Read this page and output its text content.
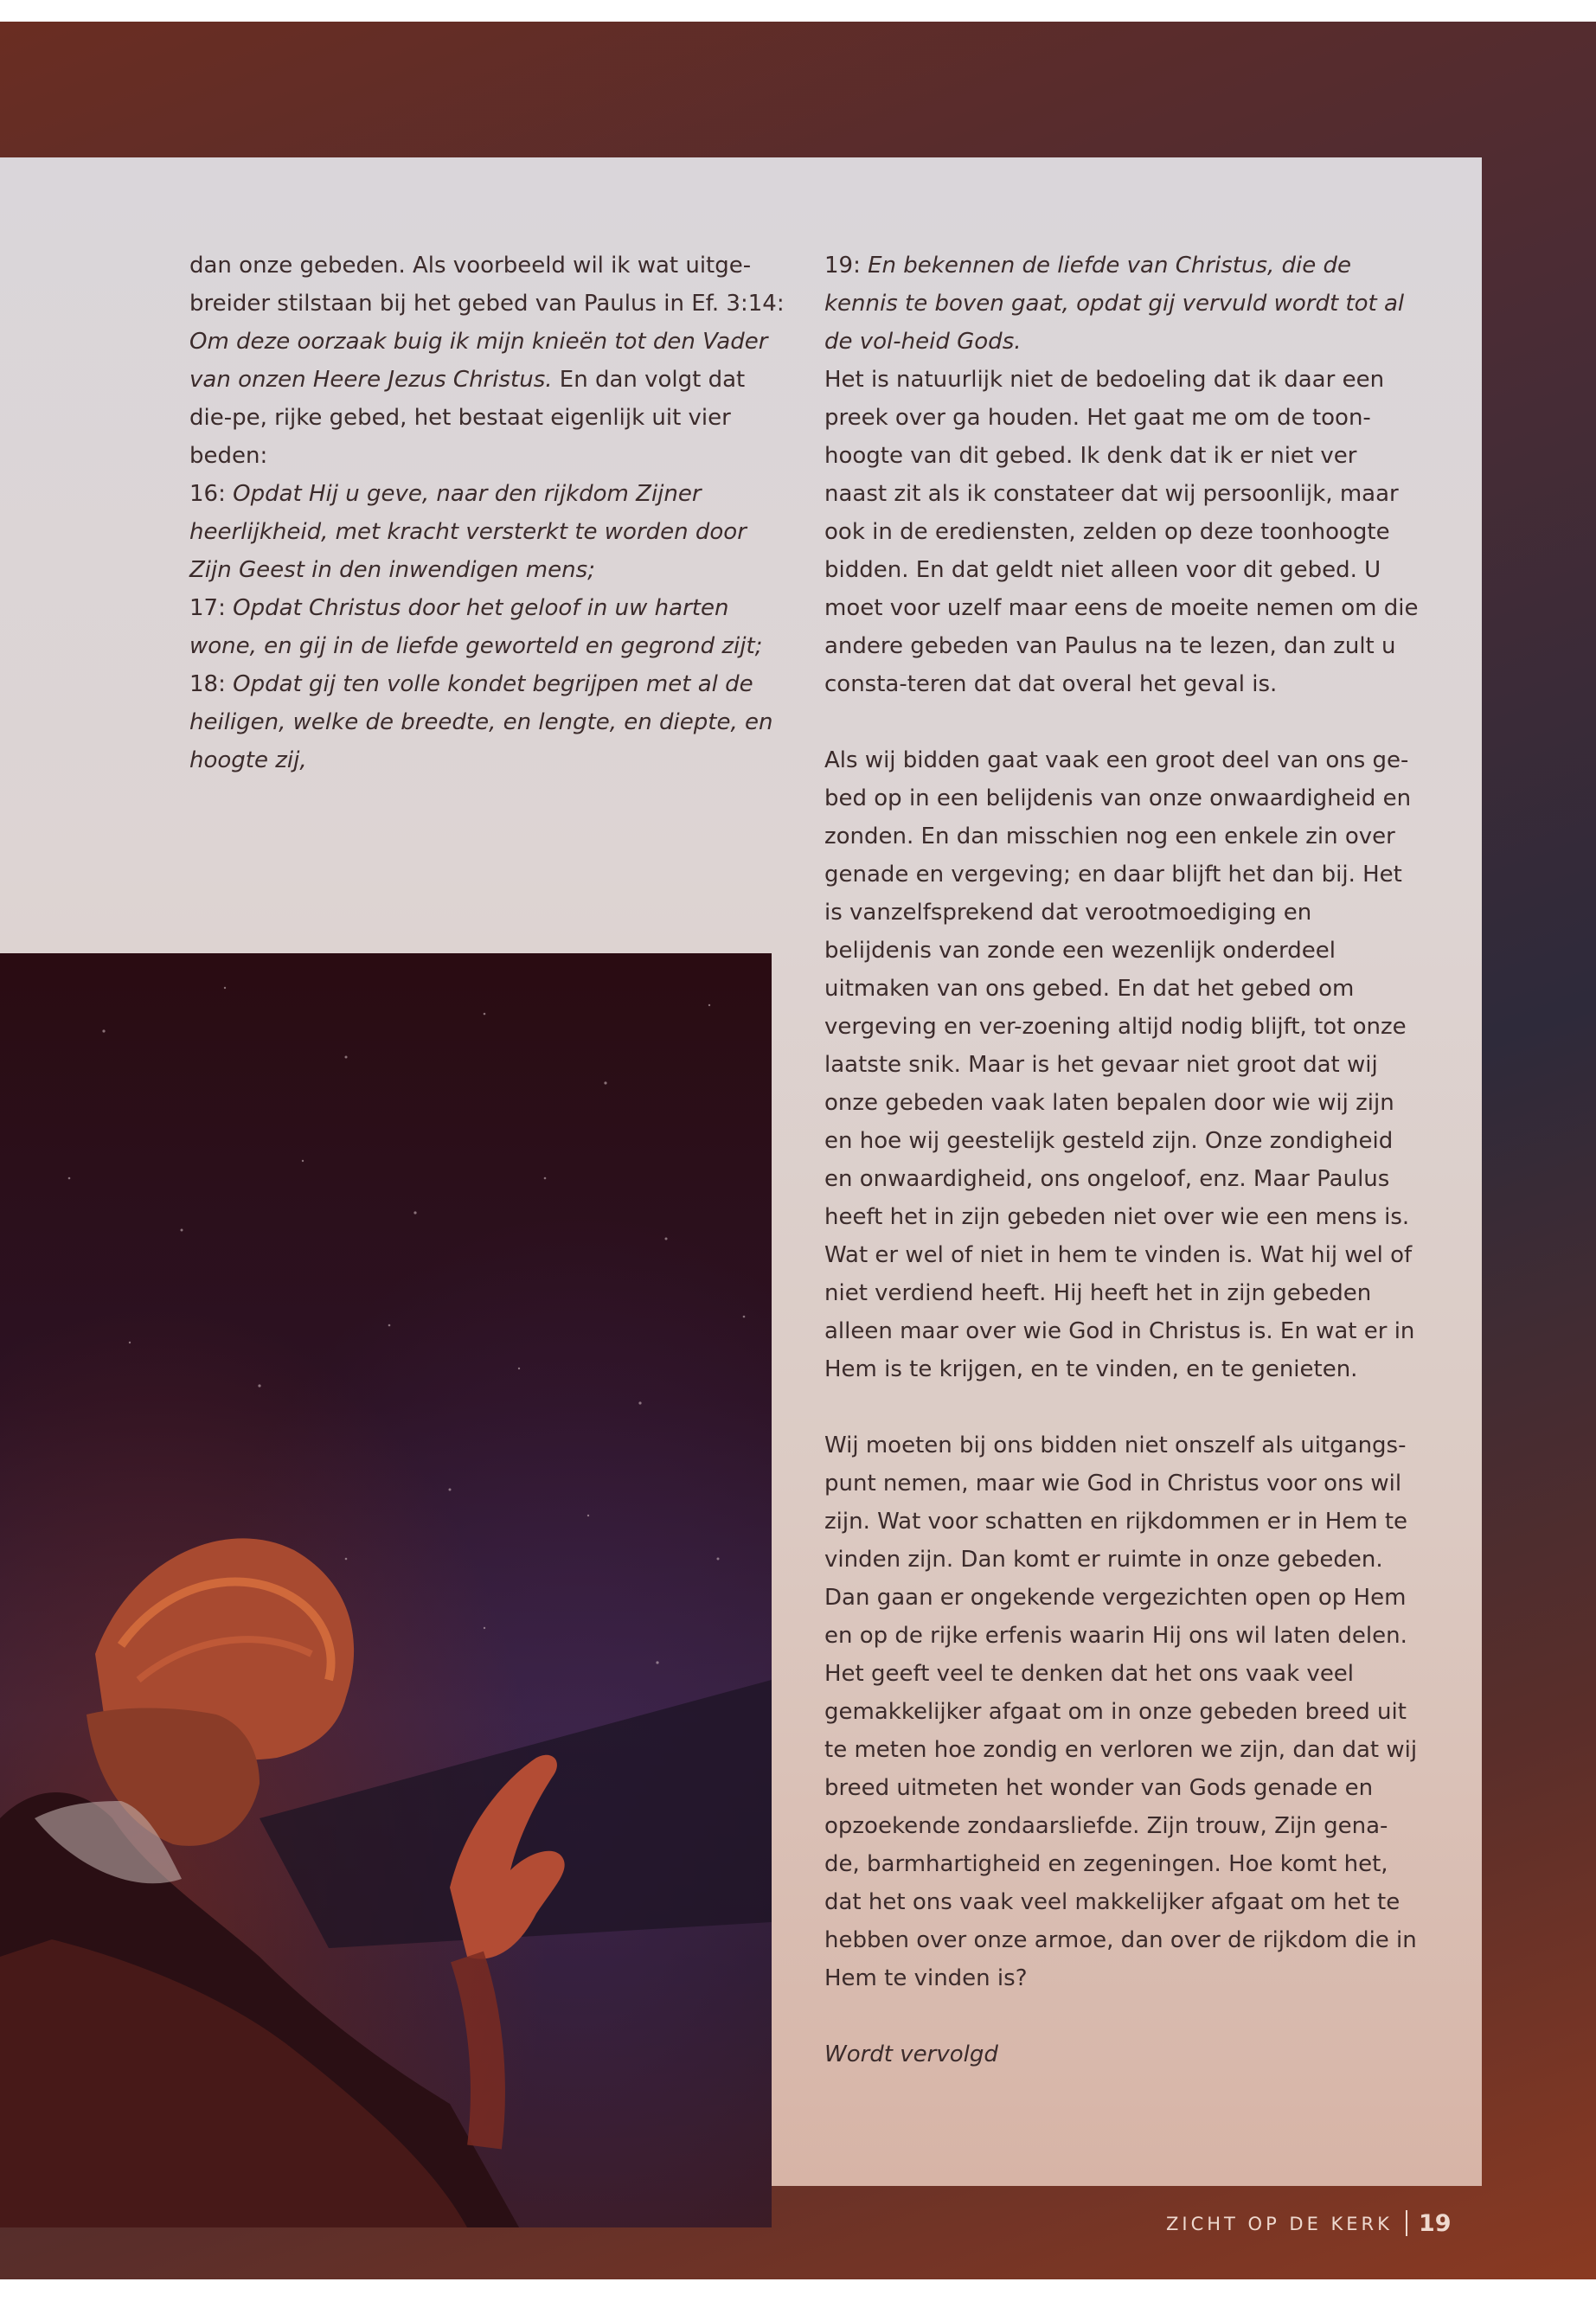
dan onze gebeden. Als voorbeeld wil ik wat uitge-breider stilstaan bij het gebed van Paulus in Ef. 3:14: Om deze oorzaak buig ik mijn knieën tot den Vader van onzen Heere Jezus Christus. En dan volgt dat die-pe, rijke gebed, het bestaat eigenlijk uit vier beden:

16: Opdat Hij u geve, naar den rijkdom Zijner heerlijkheid, met kracht versterkt te worden door Zijn Geest in den inwendigen mens;

17: Opdat Christus door het geloof in uw harten wone, en gij in de liefde geworteld en gegrond zijt;

18: Opdat gij ten volle kondet begrijpen met al de heiligen, welke de breedte, en lengte, en diepte, en hoogte zij,

19: En bekennen de liefde van Christus, die de kennis te boven gaat, opdat gij vervuld wordt tot al de vol-heid Gods.

Het is natuurlijk niet de bedoeling dat ik daar een preek over ga houden. Het gaat me om de toon-hoogte van dit gebed. Ik denk dat ik er niet ver naast zit als ik constateer dat wij persoonlijk, maar ook in de erediensten, zelden op deze toonhoogte bidden. En dat geldt niet alleen voor dit gebed. U moet voor uzelf maar eens de moeite nemen om die andere gebeden van Paulus na te lezen, dan zult u consta-teren dat dat overal het geval is.

Als wij bidden gaat vaak een groot deel van ons ge-bed op in een belijdenis van onze onwaardigheid en zonden. En dan misschien nog een enkele zin over genade en vergeving; en daar blijft het dan bij. Het is vanzelfsprekend dat verootmoediging en belijdenis van zonde een wezenlijk onderdeel uitmaken van ons gebed. En dat het gebed om vergeving en ver-zoening altijd nodig blijft, tot onze laatste snik. Maar is het gevaar niet groot dat wij onze gebeden vaak laten bepalen door wie wij zijn en hoe wij geestelijk gesteld zijn. Onze zondigheid en onwaardigheid, ons ongeloof, enz. Maar Paulus heeft het in zijn gebeden niet over wie een mens is. Wat er wel of niet in hem te vinden is. Wat hij wel of niet verdiend heeft. Hij heeft het in zijn gebeden alleen maar over wie God in Christus is. En wat er in Hem is te krijgen, en te vinden, en te genieten.

Wij moeten bij ons bidden niet onszelf als uitgangs-punt nemen, maar wie God in Christus voor ons wil zijn. Wat voor schatten en rijkdommen er in Hem te vinden zijn. Dan komt er ruimte in onze gebeden. Dan gaan er ongekende vergezichten open op Hem en op de rijke erfenis waarin Hij ons wil laten delen. Het geeft veel te denken dat het ons vaak veel gemakkelijker afgaat om in onze gebeden breed uit te meten hoe zondig en verloren we zijn, dan dat wij breed uitmeten het wonder van Gods genade en opzoekende zondaarsliefde. Zijn trouw, Zijn gena-de, barmhartigheid en zegeningen. Hoe komt het, dat het ons vaak veel makkelijker afgaat om het te hebben over onze armoe, dan over de rijkdom die in Hem te vinden is?

Wordt vervolgd

ZICHT OP DE KERK 19
